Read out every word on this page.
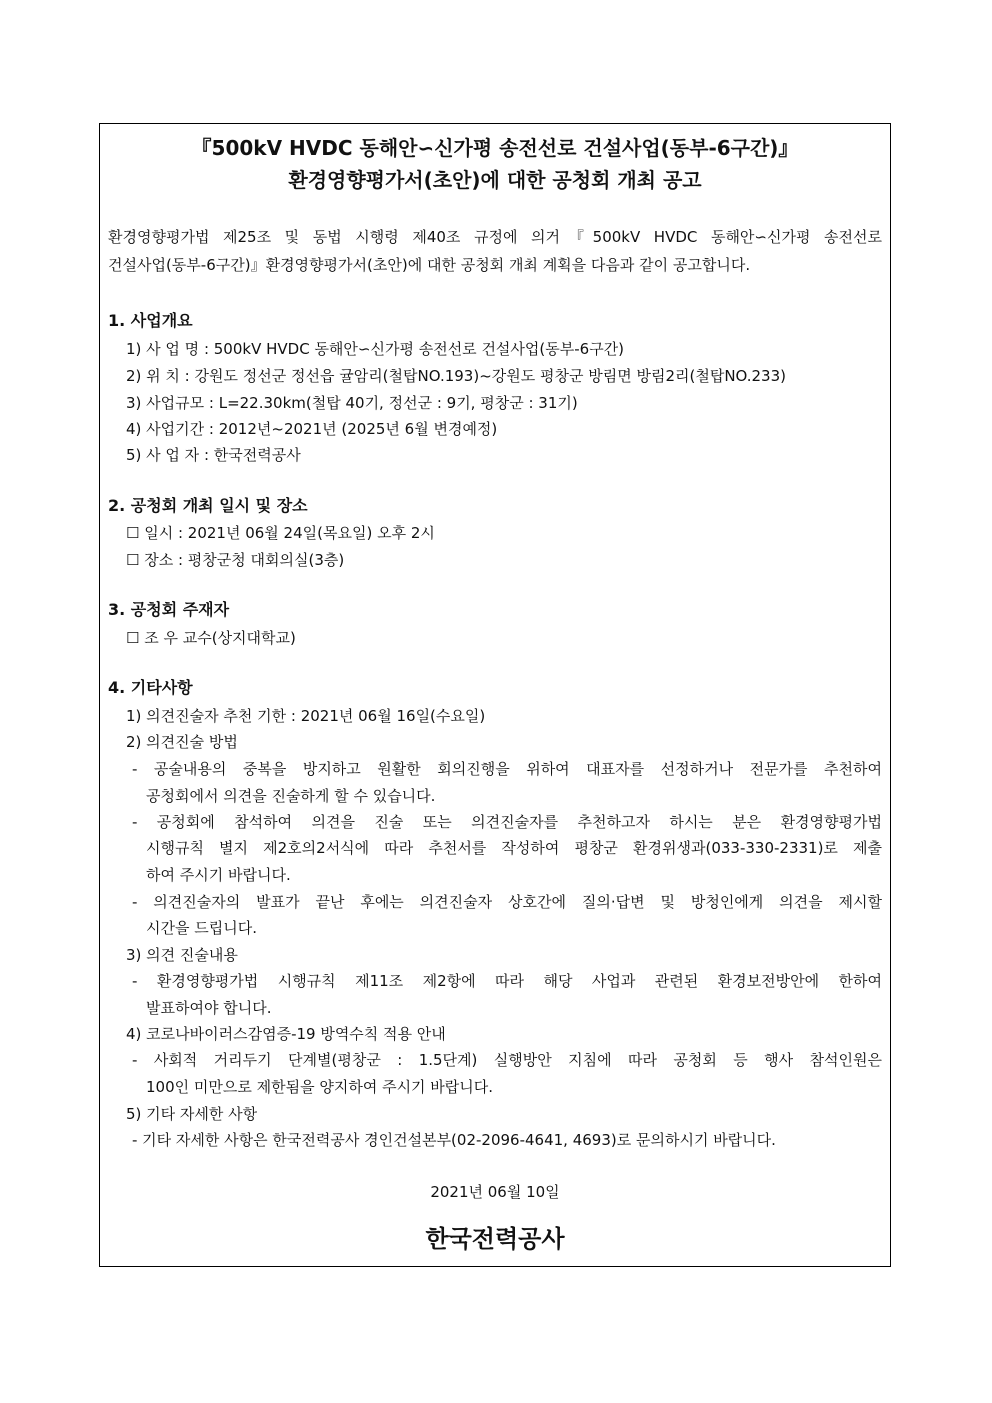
『500kV HVDC 동해안∽신가평 송전선로 건설사업(동부-6구간)』
환경영향평가서(초안)에 대한 공청회 개최 공고
환경영향평가법 제25조 및 동법 시행령 제40조 규정에 의거『500kV HVDC 동해안∽신가평 송전선로
건설사업(동부-6구간)』환경영향평가서(초안)에 대한 공청회 개최 계획을 다음과 같이 공고합니다.
1. 사업개요
1) 사 업 명 : 500kV HVDC 동해안∽신가평 송전선로 건설사업(동부-6구간)
2) 위 치 : 강원도 정선군 정선읍 귤암리(철탑NO.193)~강원도 평창군 방림면 방림2리(철탑NO.233)
3) 사업규모 : L=22.30km(철탑 40기, 정선군 : 9기, 평창군 : 31기)
4) 사업기간 : 2012년~2021년 (2025년 6월 변경예정)
5) 사 업 자 : 한국전력공사
2. 공청회 개최 일시 및 장소
☐ 일시 : 2021년 06월 24일(목요일) 오후 2시
☐ 장소 : 평창군청 대회의실(3층)
3. 공청회 주재자
☐ 조 우 교수(상지대학교)
4. 기타사항
1) 의견진술자 추천 기한 : 2021년 06월 16일(수요일)
2) 의견진술 방법
- 공술내용의 중복을 방지하고 원활한 회의진행을 위하여 대표자를 선정하거나 전문가를 추천하여
공청회에서 의견을 진술하게 할 수 있습니다.
- 공청회에 참석하여 의견을 진술 또는 의견진술자를 추천하고자 하시는 분은 환경영향평가법
시행규칙 별지 제2호의2서식에 따라 추천서를 작성하여 평창군 환경위생과(033-330-2331)로 제출
하여 주시기 바랍니다.
- 의견진술자의 발표가 끝난 후에는 의견진술자 상호간에 질의·답변 및 방청인에게 의견을 제시할
시간을 드립니다.
3) 의견 진술내용
- 환경영향평가법 시행규칙 제11조 제2항에 따라 해당 사업과 관련된 환경보전방안에 한하여
발표하여야 합니다.
4) 코로나바이러스감염증-19 방역수칙 적용 안내
- 사회적 거리두기 단계별(평창군 : 1.5단계) 실행방안 지침에 따라 공청회 등 행사 참석인원은
100인 미만으로 제한됨을 양지하여 주시기 바랍니다.
5) 기타 자세한 사항
- 기타 자세한 사항은 한국전력공사 경인건설본부(02-2096-4641, 4693)로 문의하시기 바랍니다.
2021년 06월 10일
한국전력공사
